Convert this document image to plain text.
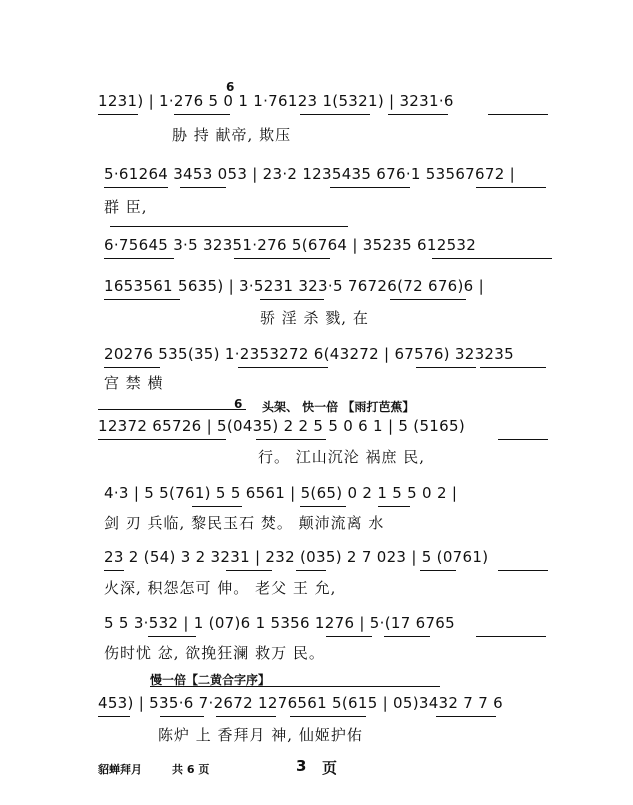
6
1231) | 1·276 5 0 1 1·76123 1(5321) | 3231·6
胁 持 献帝, 欺压
5·61264 3453 053 | 23·2 1235435 676·1 53567672 |
群 臣,
6·75645 3·5 32351·276 5(6764 | 35235 612532
1653561 5635) | 3·5231 323·5 76726(72 676)6 |
骄 淫 杀 戮, 在
20276 535(35) 1·2353272 6(43272 | 67576) 323235
宫 禁 横
6 头架、 快一倍 【雨打芭蕉】
12372 65726 | 5(0435) 2 2 5 5 0 6 1 | 5 (5165)
行。 江山沉沦 祸庶 民,
4·3 | 5 5(761) 5 5 6561 | 5(65) 0 2 1 5 5 0 2 |
剑 刃 兵临, 黎民玉石 焚。 颠沛流离 水
23 2 (54) 3 2 3231 | 232 (035) 2 7 023 | 5 (0761)
火深, 积怨怎可 伸。 老父 王 允,
5 5 3·532 | 1 (07)6 1 5356 1276 | 5·(17 6765
伤时忧 忿, 欲挽狂澜 救万 民。
慢一倍【二黄合字序】
453) | 535·6 7·2672 1276561 5(615 | 05)3432 7 7 6
陈炉 上 香拜月 神, 仙姬护佑
貂蝉拜月	共 6 页	3 页
